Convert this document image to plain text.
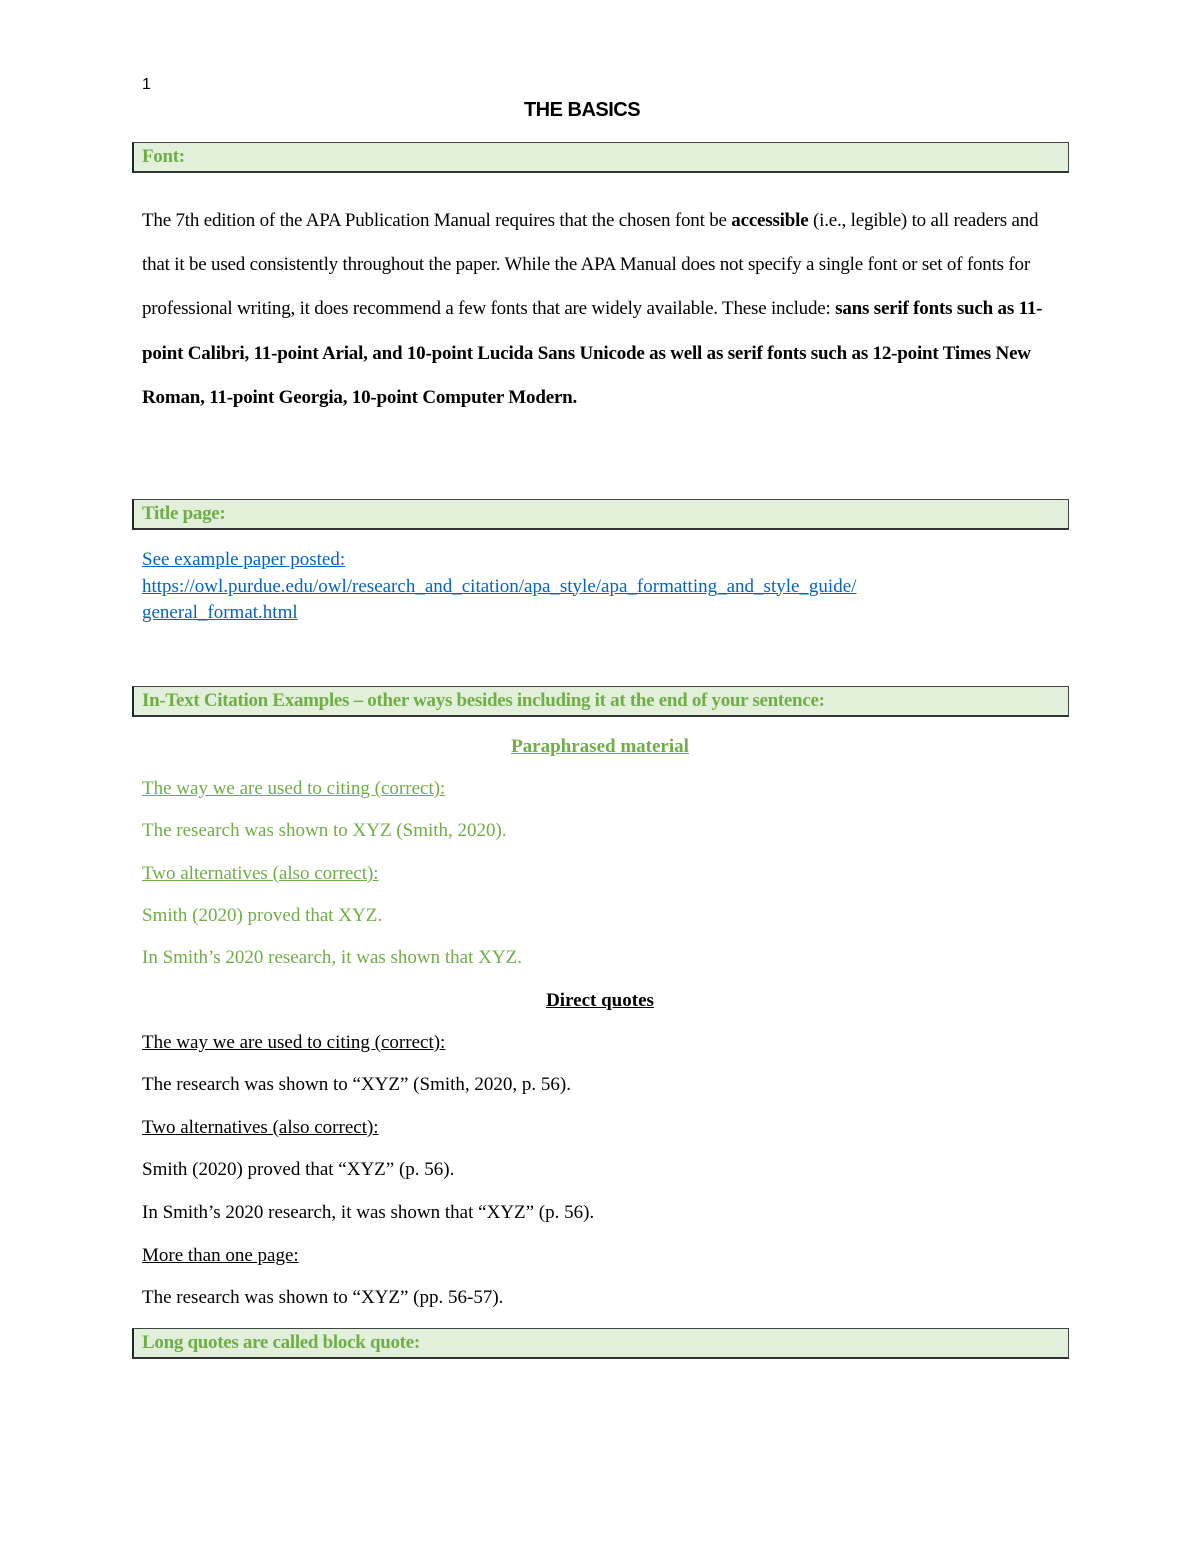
1
THE BASICS
Font:
The 7th edition of the APA Publication Manual requires that the chosen font be accessible (i.e., legible) to all readers and that it be used consistently throughout the paper. While the APA Manual does not specify a single font or set of fonts for professional writing, it does recommend a few fonts that are widely available. These include: sans serif fonts such as 11-point Calibri, 11-point Arial, and 10-point Lucida Sans Unicode as well as serif fonts such as 12-point Times New Roman, 11-point Georgia, 10-point Computer Modern.
Title page:
See example paper posted:
https://owl.purdue.edu/owl/research_and_citation/apa_style/apa_formatting_and_style_guide/
general_format.html
In-Text Citation Examples – other ways besides including it at the end of your sentence:
Paraphrased material
The way we are used to citing (correct):
The research was shown to XYZ (Smith, 2020).
Two alternatives (also correct):
Smith (2020) proved that XYZ.
In Smith’s 2020 research, it was shown that XYZ.
Direct quotes
The way we are used to citing (correct):
The research was shown to “XYZ” (Smith, 2020, p. 56).
Two alternatives (also correct):
Smith (2020) proved that “XYZ” (p. 56).
In Smith’s 2020 research, it was shown that “XYZ” (p. 56).
More than one page:
The research was shown to “XYZ” (pp. 56-57).
Long quotes are called block quote:
